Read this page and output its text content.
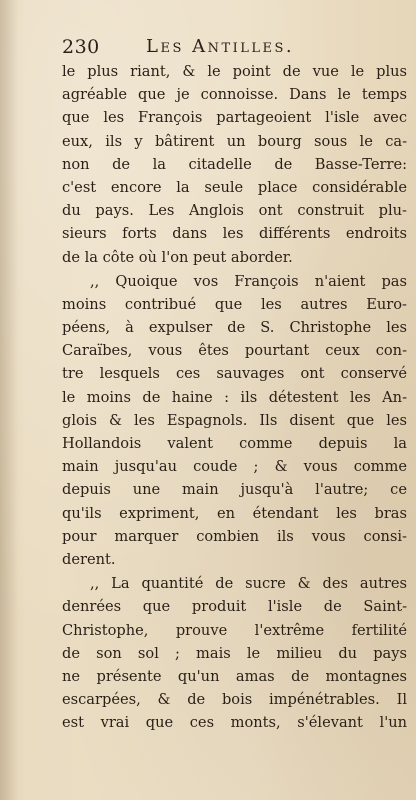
230	Les Antilles.
le plus riant, & le point de vue le plus
agréable que je connoisse. Dans le temps
que les François partageoient l'isle avec
eux, ils y bâtirent un bourg sous le ca-
non de la citadelle de Basse-Terre:
c'est encore la seule place considérable
du pays. Les Anglois ont construit plu-
sieurs forts dans les différents endroits
de la côte où l'on peut aborder.
,, Quoique vos François n'aient pas
moins contribué que les autres Euro-
péens, à expulser de S. Christophe les
Caraïbes, vous êtes pourtant ceux con-
tre lesquels ces sauvages ont conservé
le moins de haine : ils détestent les An-
glois & les Espagnols. Ils disent que les
Hollandois valent comme depuis la
main jusqu'au coude ; & vous comme
depuis une main jusqu'à l'autre; ce
qu'ils expriment, en étendant les bras
pour marquer combien ils vous consi-
derent.
,, La quantité de sucre & des autres
denrées que produit l'isle de Saint-
Christophe, prouve l'extrême fertilité
de son sol ; mais le milieu du pays
ne présente qu'un amas de montagnes
escarpées, & de bois impénétrables. Il
est vrai que ces monts, s'élevant l'un
